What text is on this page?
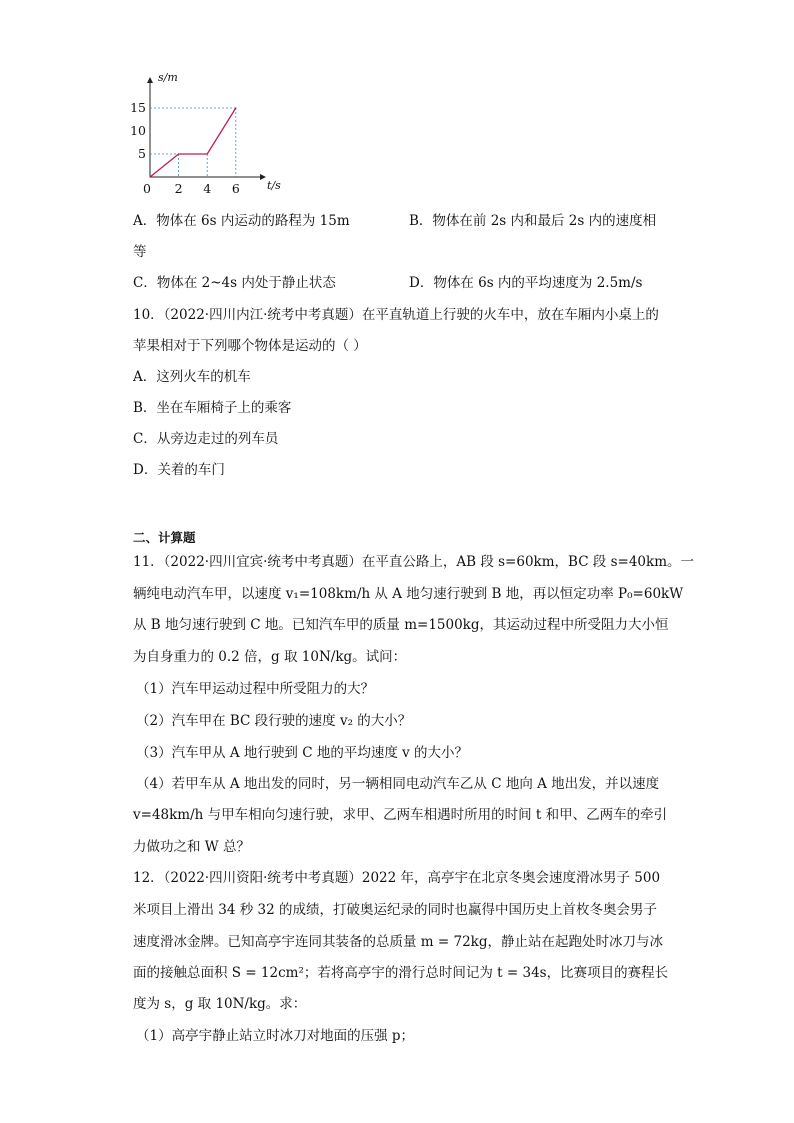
5
10
15
0 2 4 6
s/m
t/s
A．物体在 6s 内运动的路程为 15m	B．物体在前 2s 内和最后 2s 内的速度相
等
C．物体在 2~4s 内处于静止状态	D．物体在 6s 内的平均速度为 2.5m/s
10．（2022·四川内江·统考中考真题）在平直轨道上行驶的火车中，放在车厢内小桌上的
苹果相对于下列哪个物体是运动的（ ）
A．这列火车的机车
B．坐在车厢椅子上的乘客
C．从旁边走过的列车员
D．关着的车门
二、计算题
11．（2022·四川宜宾·统考中考真题）在平直公路上，AB 段 s=60km，BC 段 s=40km。一
辆纯电动汽车甲，以速度 v₁=108km/h 从 A 地匀速行驶到 B 地，再以恒定功率 P₀=60kW
从 B 地匀速行驶到 C 地。已知汽车甲的质量 m=1500kg，其运动过程中所受阻力大小恒
为自身重力的 0.2 倍，g 取 10N/kg。试问：
（1）汽车甲运动过程中所受阻力的大？
（2）汽车甲在 BC 段行驶的速度 v₂ 的大小？
（3）汽车甲从 A 地行驶到 C 地的平均速度 v 的大小？
（4）若甲车从 A 地出发的同时，另一辆相同电动汽车乙从 C 地向 A 地出发，并以速度
v=48km/h 与甲车相向匀速行驶，求甲、乙两车相遇时所用的时间 t 和甲、乙两车的牵引
力做功之和 W 总？
12．（2022·四川资阳·统考中考真题）2022 年，高亭宇在北京冬奥会速度滑冰男子 500
米项目上滑出 34 秒 32 的成绩，打破奥运纪录的同时也赢得中国历史上首枚冬奥会男子
速度滑冰金牌。已知高亭宇连同其装备的总质量 m = 72kg，静止站在起跑处时冰刀与冰
面的接触总面积 S = 12cm²；若将高亭宇的滑行总时间记为 t = 34s，比赛项目的赛程长
度为 s，g 取 10N/kg。求：
（1）高亭宇静止站立时冰刀对地面的压强 p；
